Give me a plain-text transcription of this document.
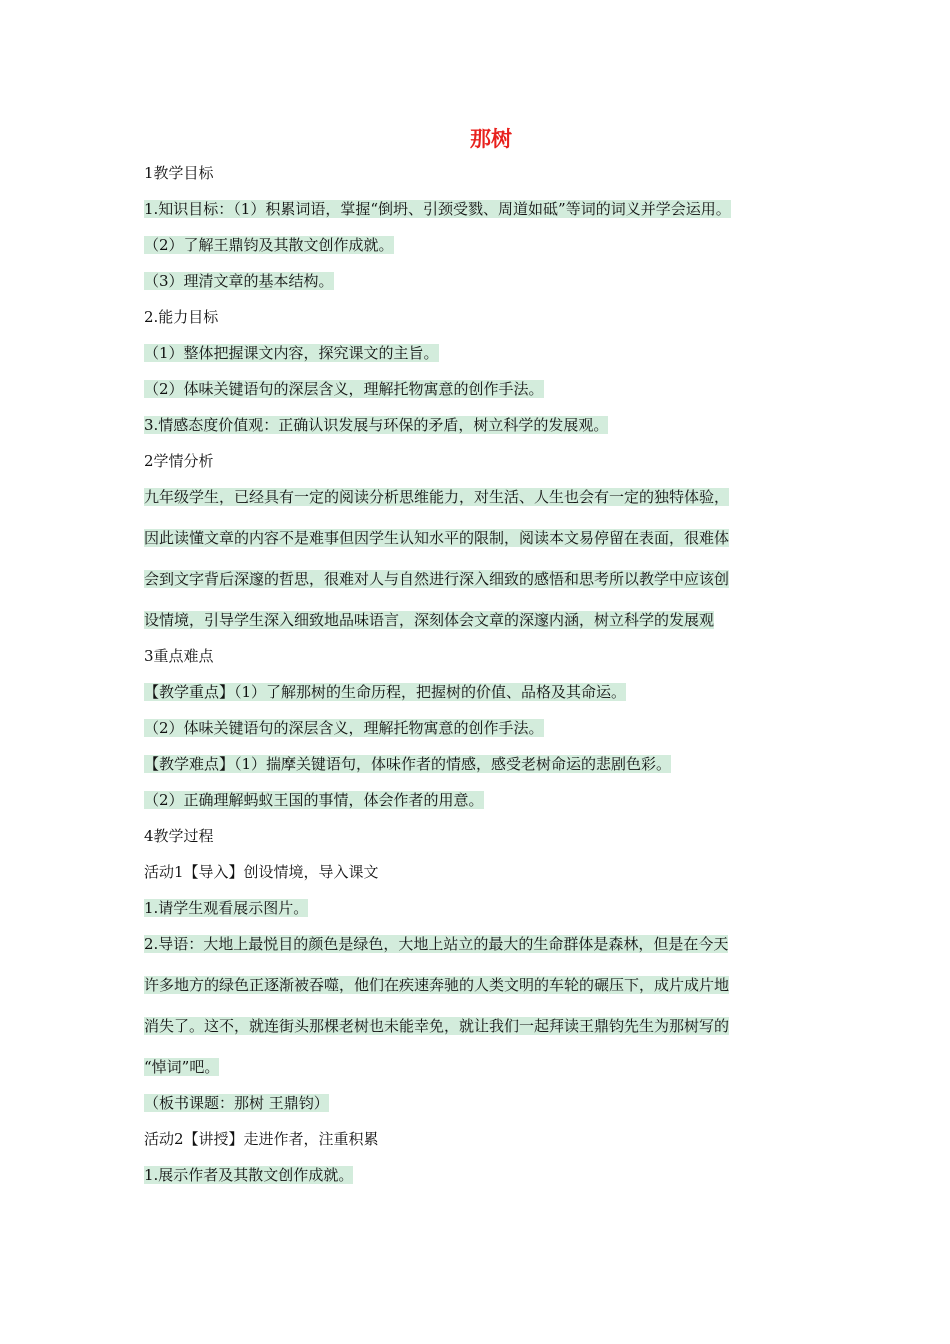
那树
1教学目标
1.知识目标：（1）积累词语，掌握“倒坍、引颈受戮、周道如砥”等词的词义并学会运用。
（2）了解王鼎钧及其散文创作成就。
（3）理清文章的基本结构。
2.能力目标
（1）整体把握课文内容，探究课文的主旨。
（2）体味关键语句的深层含义，理解托物寓意的创作手法。
3.情感态度价值观：正确认识发展与环保的矛盾，树立科学的发展观。
2学情分析
九年级学生，已经具有一定的阅读分析思维能力，对生活、人生也会有一定的独特体验，
因此读懂文章的内容不是难事但因学生认知水平的限制，阅读本文易停留在表面，很难体
会到文字背后深邃的哲思，很难对人与自然进行深入细致的感悟和思考所以教学中应该创
设情境，引导学生深入细致地品味语言，深刻体会文章的深邃内涵，树立科学的发展观
3重点难点
【教学重点】（1）了解那树的生命历程，把握树的价值、品格及其命运。
（2）体味关键语句的深层含义，理解托物寓意的创作手法。
【教学难点】（1）揣摩关键语句，体味作者的情感，感受老树命运的悲剧色彩。
（2）正确理解蚂蚁王国的事情，体会作者的用意。
4教学过程
活动1【导入】创设情境，导入课文
1.请学生观看展示图片。
2.导语：大地上最悦目的颜色是绿色，大地上站立的最大的生命群体是森林，但是在今天
许多地方的绿色正逐渐被吞噬，他们在疾速奔驰的人类文明的车轮的碾压下，成片成片地
消失了。这不，就连街头那棵老树也未能幸免，就让我们一起拜读王鼎钧先生为那树写的
“悼词”吧。
（板书课题：那树 王鼎钧）
活动2【讲授】走进作者，注重积累
1.展示作者及其散文创作成就。
